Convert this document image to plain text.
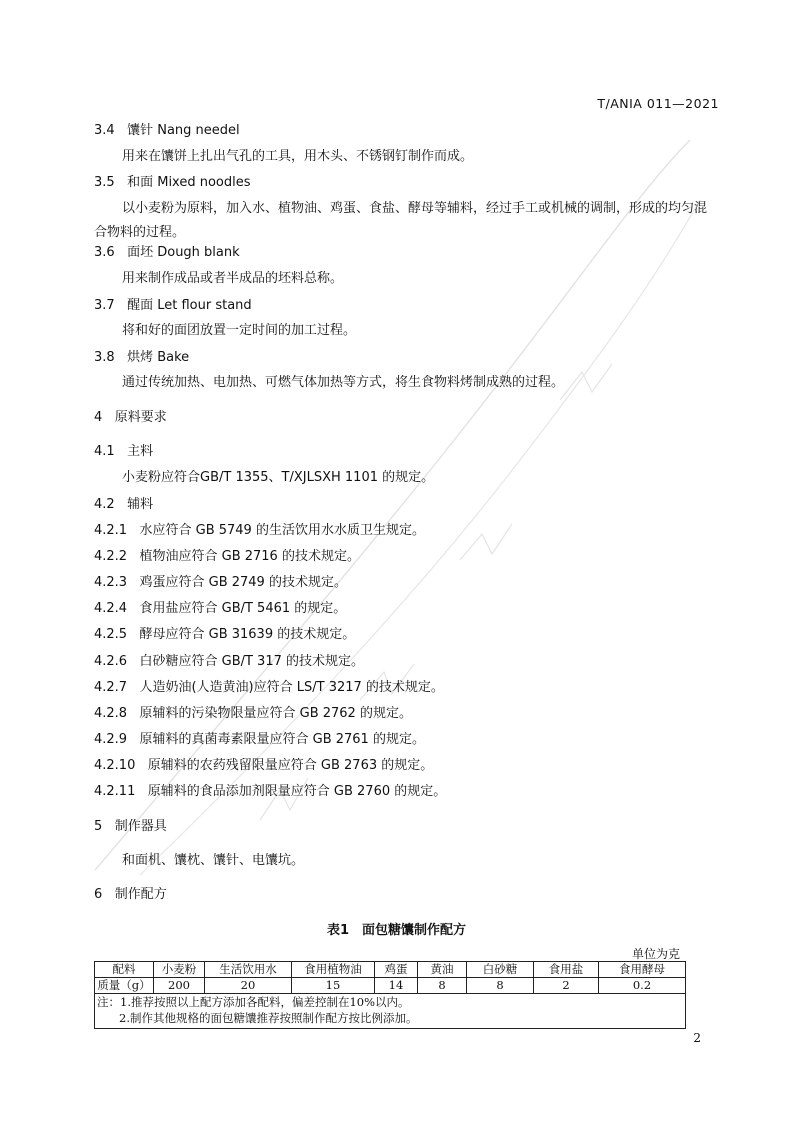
T/ANIA 011—2021
3.4 馕针 Nang needel
用来在馕饼上扎出气孔的工具，用木头、不锈钢钉制作而成。
3.5 和面 Mixed noodles
以小麦粉为原料，加入水、植物油、鸡蛋、食盐、酵母等辅料，经过手工或机械的调制，形成的均匀混合物料的过程。
3.6 面坯 Dough blank
用来制作成品或者半成品的坯料总称。
3.7 醒面 Let flour stand
将和好的面团放置一定时间的加工过程。
3.8 烘烤 Bake
通过传统加热、电加热、可燃气体加热等方式，将生食物料烤制成熟的过程。
4 原料要求
4.1 主料
小麦粉应符合GB/T 1355、T/XJLSXH 1101 的规定。
4.2 辅料
4.2.1 水应符合 GB 5749 的生活饮用水水质卫生规定。
4.2.2 植物油应符合 GB 2716 的技术规定。
4.2.3 鸡蛋应符合 GB 2749 的技术规定。
4.2.4 食用盐应符合 GB/T 5461 的规定。
4.2.5 酵母应符合 GB 31639 的技术规定。
4.2.6 白砂糖应符合 GB/T 317 的技术规定。
4.2.7 人造奶油(人造黄油)应符合 LS/T 3217 的技术规定。
4.2.8 原辅料的污染物限量应符合 GB 2762 的规定。
4.2.9 原辅料的真菌毒素限量应符合 GB 2761 的规定。
4.2.10 原辅料的农药残留限量应符合 GB 2763 的规定。
4.2.11 原辅料的食品添加剂限量应符合 GB 2760 的规定。
5 制作器具
和面机、馕枕、馕针、电馕坑。
6 制作配方
表1　面包糖馕制作配方
单位为克
配料	小麦粉	生活饮用水	食用植物油	鸡蛋	黄油	白砂糖	食用盐	食用酵母
质量（g）	200	20	15	14	8	8	2	0.2

注：1.推荐按照以上配方添加各配料，偏差控制在10%以内。
2.制作其他规格的面包糖馕推荐按照制作配方按比例添加。								
2
